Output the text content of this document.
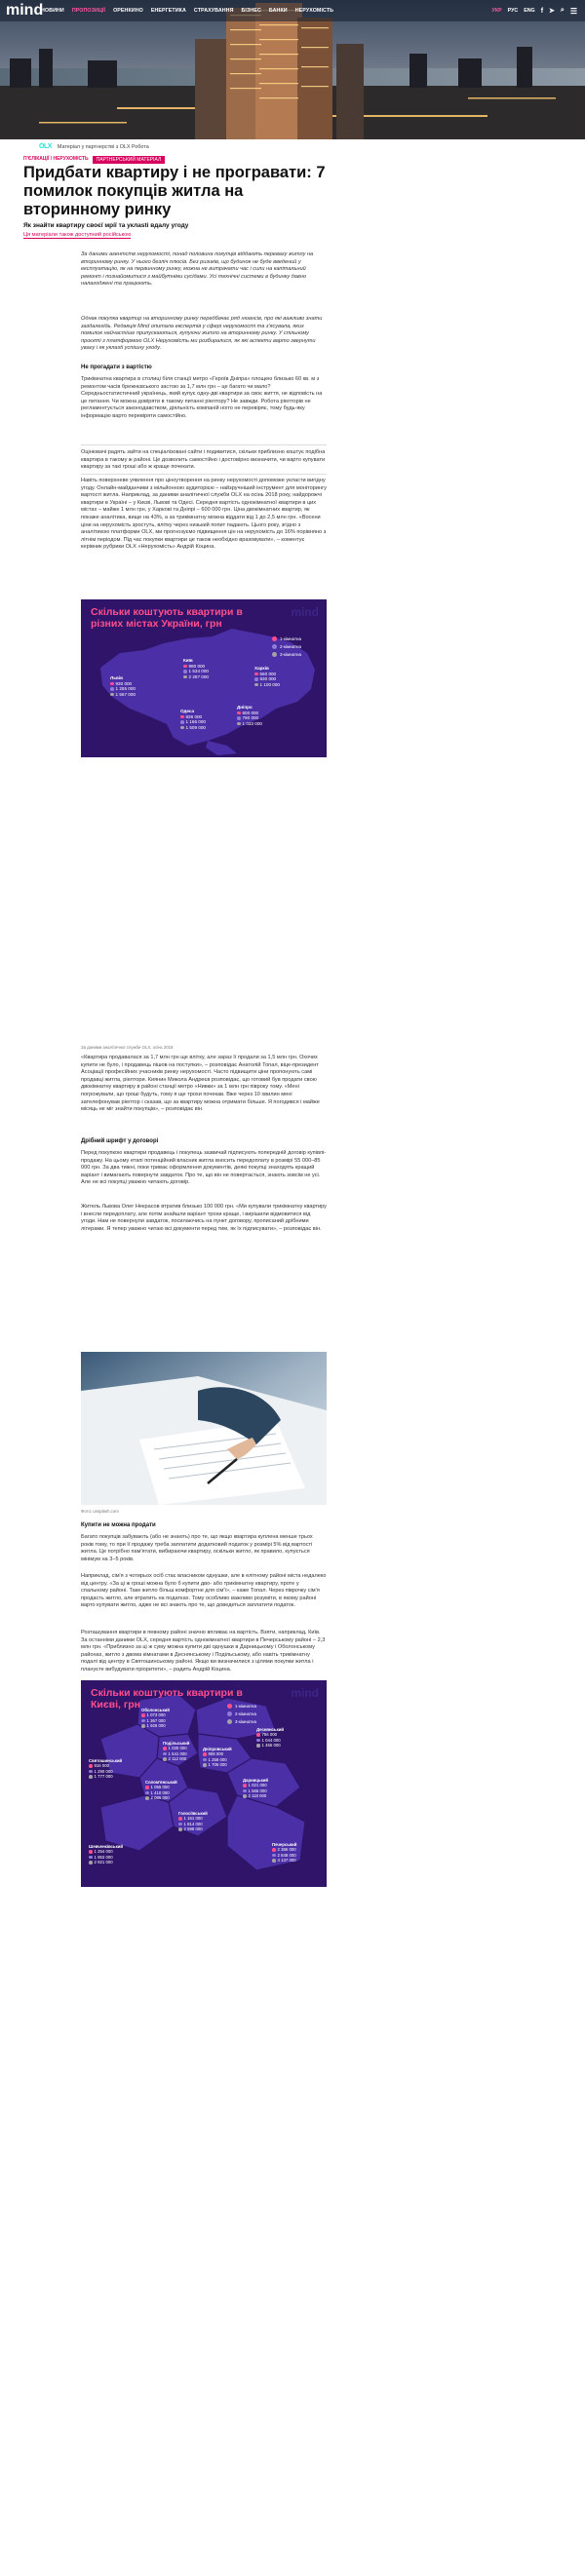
mind
НОВИНИ ПРОПОЗИЦІЇ ОРЕНКИНО ЕНЕРГЕТИКА СТРАХУВАННЯ БІЗНЕС БАНКИ НЕРУХОМІСТЬ	УКР РУС ENG f ➤ ⌕ ☰
OLX Матеріал у партнерстві з OLX Робота
П'ЄЛІКАЦІЇ / НЕРУХОМІСТЬ	ПАРТНЕРСЬКИЙ МАТЕРІАЛ
Придбати квартиру і не програвати: 7 помилок покупців житла на вторинному ринку
Як знайти квартиру своєї мрії та уклasti вдалу угоду
Ця матеріали також доступний російською

За даними агентств нерухомості, понад половина покупців віддають перевагу житлу на вторинному ринку. У нього безліч плюсів. Без ризиків, що будинок не буде введений у експлуатацію, як на первинному ринку, можна не витрачати час і сили на капітальний ремонт і познайомитися з майбутніми сусідами. Усі технічні системи в будинку давно налагоджені та працюють.

Однак покупка квартир на вторинному ринку передбачає ряд нюансів, про які важливо знати заздалегідь. Редакція Mind опитала експертів у сфері нерухомості та з'ясувала, яких помилок найчастіше припускаються, купуючи житло на вторинному ринку. У спільному проєкті з платформою OLX Нерухомість ми розбиралися, як які аспекти варто звернути увагу і як уклasti успішну угоду.

Не прогадати з вартістю

Трикімнатна квартира в столиці біля станції метро «Героїв Дніпра» площею близько 60 кв. м з ремонтом часів брежнєвського застою за 1,7 млн грн – це багато чи мало? Середньостатистичний українець, який купує одну-дві квартири за своє життя, не відповість на це питання. Чи можна довіряти в такому питанні ріелтору? Не завжди. Робота ріелторів не регламентується законодавством, діяльність компаній ніхто не перевіряє, тому будь-яку інформацію варто перевіряти самостійно.

Оцінювачі радять зайти на спеціалізовані сайти і подивитися, скільки приблизно коштує подібна квартира в такому ж районі. Це дозволить самостійно і достовірно визначити, чи варто купувати квартиру за такі гроші або ж краще почекати.

Навіть поверхневе уявлення про ціноутворення на ринку нерухомості допоможе укласти вигідну угоду. Онлайн-майданчики з мільйонною аудиторією – найзручніший інструмент для моніторингу вартості житла. Наприклад, за даними аналітичної служби OLX на осінь 2018 року, найдорожчі квартири в Україні – у Києві, Львові та Одесі. Середня вартість однокімнатної квартири в цих містах – майже 1 млн грн, у Харкові та Дніпрі – 600 000 грн. Ціна двокімнатних квартир, як покаже аналітика, вище на 43%, а за трикімнатну можна віддати від 1 до 2,5 млн грн. «Восени ціни на нерухомість зростуть, влітку через низький попит падають. Цього року, згідно з аналітикою платформи OLX, ми прогнозуємо підвищення цін на нерухомість до 16% порівняно з літнім періодом. Під час покупки квартири це також необхідно враховувати», – коментує керівник рубрики OLX «Нерухомість» Андрій Коцина.

Скільки коштують квартири в різних містах України, грн
mind
1-кімнатна
2-кімнатна
3-кімнатна
Львів
930 000
1 255 000
1 567 000
Київ
990 000
1 534 000
2 287 000
Харків
560 000
830 000
1 100 000
Одеса
836 000
1 166 000
1 509 000
Дніпро
600 000
790 000
1 032 000
За даними аналітичної служби OLX, осінь 2018

«Квартира продавалася за 1,7 млн грн ще влітку, але зараз її продали за 1,5 млн грн. Охочих купити не було, і продавець пішов на поступки», – розповідає Анатолій Топал, віце-президент Асоціації професійних учасників ринку нерухомості. Часто підвищити ціни пропонують самі продавці житла, ріелтори. Киянин Микола Андреєв розповідає, що готовий був продати свою двокімнатну квартиру в районі станції метро «Нивки» за 1 млн грн півроку тому. «Мені погрожували, що гроші будуть, тому я ще трохи почекав. Вже через 10 хвилин мені зателефонував ріелтор і сказав, що за квартиру можна отримати більше. Я погодився і майже місяць не міг знайти покупців», – розповідає він.

Дрібний шрифт у договорі

Перед покупкою квартири продавець і покупець зазвичай підписують попередній договір купівлі-продажу. На цьому етапі потенційний власник житла вносить передоплату в розмірі 55 000–85 000 грн. За два тижні, поки триває оформлення документів, деякі покупці знаходять кращий варіант і вимагають повернути завдаток. Про те, що він не повертається, знають зовсім не усі. Але не всі покупці уважно читають договір.

Житель Львова Олег Некрасов втратив близько 100 000 грн. «Ми купували трикімнатну квартиру і внесли передоплату, але потім знайшли варіант трохи краще, і вирішили відмовитися від угоди. Нам не повернули завдаток, посилаючись на пункт договору, прописаний дрібними літерами. Я тепер уважно читаю всі документи перед тим, як їх підписувати», – розповідає він.

Фото: unsplash.com
Купити не можна продати

Багато покупців забувають (або не знають) про те, що якщо квартира куплена менше трьох років тому, то при її продажу треба заплатити додатковий податок у розмірі 5% від вартості житла. Це потрібно пам'ятати, вибираючи квартиру, оскільки житло, як правило, купується мінімум на 3–5 років.

Наприклад, сім'я з чотирьох осіб стає власником однушки, але в елітному районі міста недалеко від центру. «За ці ж гроші можна було б купити дво- або трикімнатну квартиру, проте у спальному районі. Таке житло більш комфортне для сім'ї», – каже Топал. Через піврочку сім'я продасть житло, але втратить на податках. Тому особливо важливо розуміти, в якому районі варто купувати житло, адже не всі знають про те, що доведеться заплатити податок.

Розташування квартири в певному районі значно впливає на вартість. Взяти, наприклад, Київ. За останніми даними OLX, середня вартість однокімнатної квартири в Печерському районі – 2,3 млн грн. «Приблизно за ці ж суму можна купити дві однушки в Дарницькому і Оболонському районах, житло з двома кімнатами в Деснянському і Подільському, або навіть трикімнатну подалі від центру в Святошинському районі. Якщо ви визначилися з цілями покупки житла і плануєте вибудувати пріоритети», – радить Андрій Коцина.

Скільки коштують квартири в Києві, грн
mind
1-кімнатна
2-кімнатна
3-кімнатна
Оболонський
1 073 000
1 367 000
1 926 000
Деснянський
756 000
1 044 000
1 455 000
Подільський
1 030 000
1 541 000
2 112 000
Святошинський
916 000
1 290 000
1 777 000
Дніпровський
908 000
1 258 000
1 706 000
Солом'янський
1 056 000
1 410 000
2 085 000
Дарницький
1 021 000
1 565 000
2 118 000
Голосіївський
1 161 000
1 814 000
2 598 000
Шевченківський
1 254 000
1 953 000
2 921 000
Печерський
2 386 000
2 848 000
4 137 000
